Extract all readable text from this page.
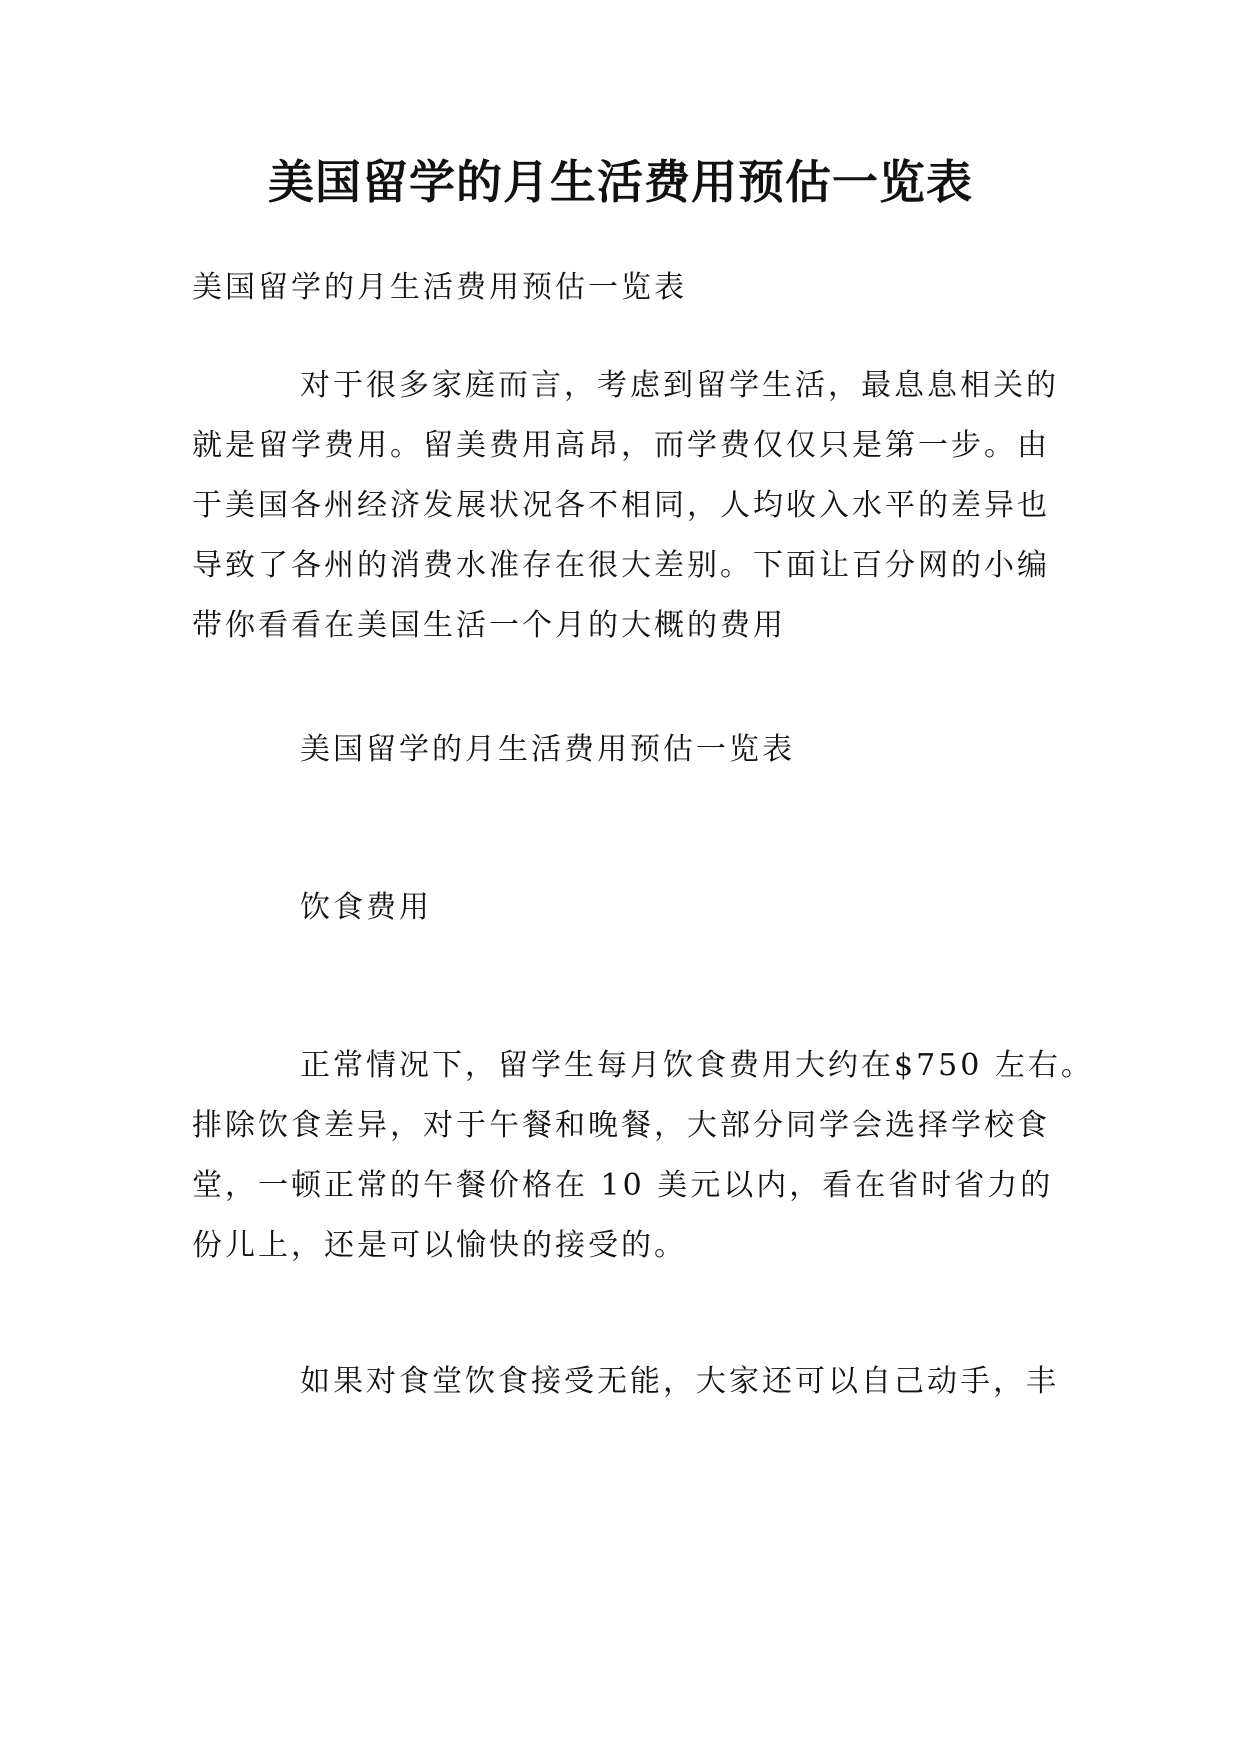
美国留学的月生活费用预估一览表

美国留学的月生活费用预估一览表

对于很多家庭而言，考虑到留学生活，最息息相关的
就是留学费用。留美费用高昂，而学费仅仅只是第一步。由
于美国各州经济发展状况各不相同，人均收入水平的差异也
导致了各州的消费水准存在很大差别。下面让百分网的小编
带你看看在美国生活一个月的大概的费用

美国留学的月生活费用预估一览表

饮食费用

正常情况下，留学生每月饮食费用大约在$750 左右。
排除饮食差异，对于午餐和晚餐，大部分同学会选择学校食
堂，一顿正常的午餐价格在 10 美元以内，看在省时省力的
份儿上，还是可以愉快的接受的。

如果对食堂饮食接受无能，大家还可以自己动手，丰
